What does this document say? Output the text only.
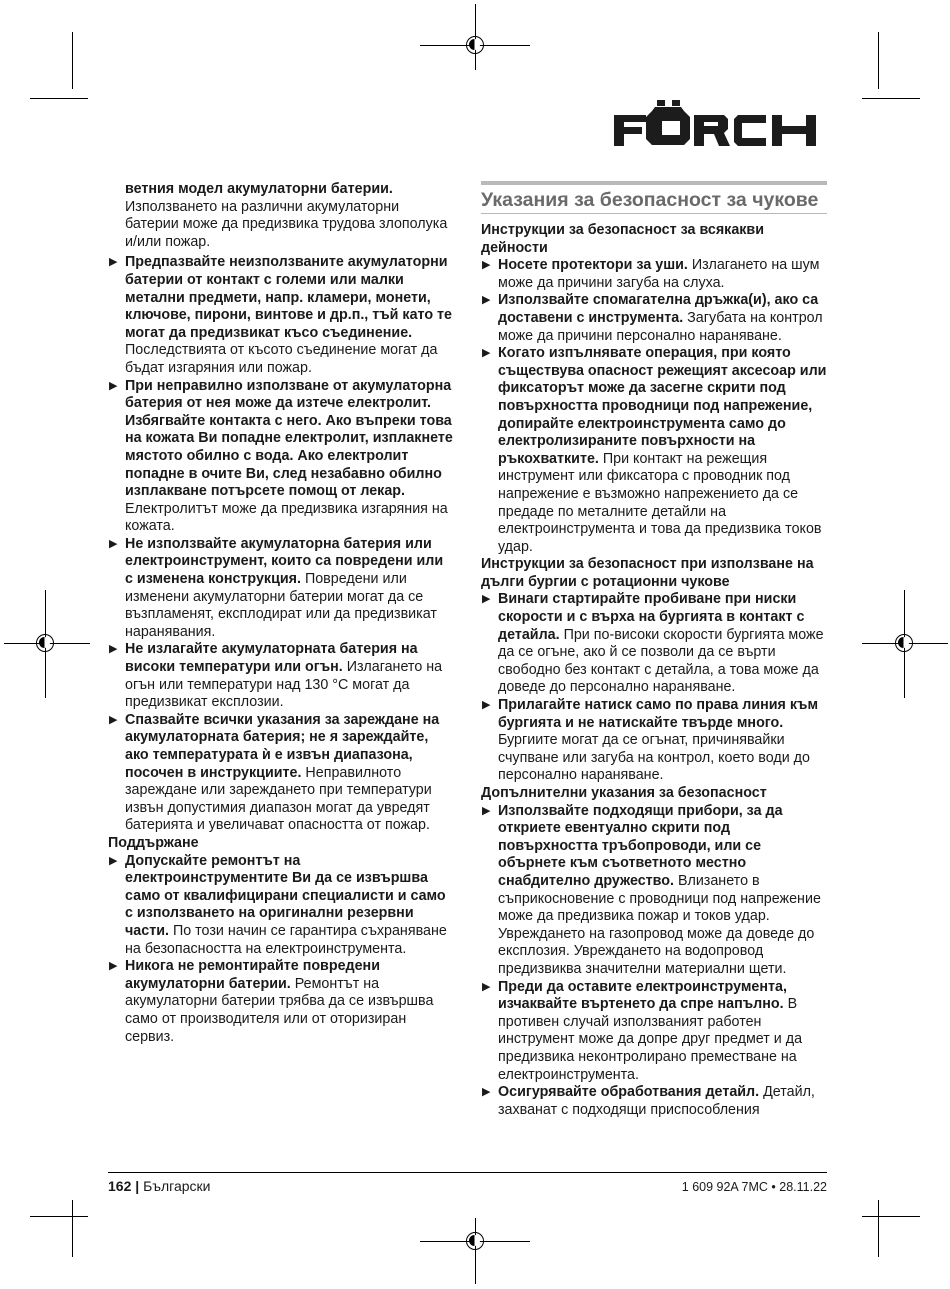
ветния модел акумулаторни батерии. Използването на различни акумулаторни батерии може да предизвика трудова злополука и/или пожар.

▶ Предпазвайте неизползваните акумулаторни батерии от контакт с големи или малки метални предмети, напр. кламери, монети, ключове, пирони, винтове и др.п., тъй като те могат да предизвикат късо съединение. Последствията от късото съединение могат да бъдат изгаряния или пожар.

▶ При неправилно използване от акумулаторна батерия от нея може да изтече електролит. Избягвайте контакта с него. Ако въпреки това на кожата Ви попадне електролит, изплакнете мястото обилно с вода. Ако електролит попадне в очите Ви, след незабавно обилно изплакване потърсете помощ от лекар. Електролитът може да предизвика изгаряния на кожата.

▶ Не използвайте акумулаторна батерия или електроинструмент, които са повредени или с изменена конструкция. Повредени или изменени акумулаторни батерии могат да се възпламенят, експлодират или да предизвикат наранявания.

▶ Не излагайте акумулаторната батерия на високи температури или огън. Излагането на огън или температури над 130 °C могат да предизвикат експлозии.

▶ Спазвайте всички указания за зареждане на акумулаторната батерия; не я зареждайте, ако температурата ѝ е извън диапазона, посочен в инструкциите. Неправилното зареждане или зареждането при температури извън допустимия диапазон могат да увредят батерията и увеличават опасността от пожар.

Поддържане

▶ Допускайте ремонтът на електроинструментите Ви да се извършва само от квалифицирани специалисти и само с използването на оригинални резервни части. По този начин се гарантира съхраняване на безопасността на електроинструмента.

▶ Никога не ремонтирайте повредени акумулаторни батерии. Ремонтът на акумулаторни батерии трябва да се извършва само от производителя или от оторизиран сервиз.

Указания за безопасност за чукове

Инструкции за безопасност за всякакви дейности

▶ Носете протектори за уши. Излагането на шум може да причини загуба на слуха.

▶ Използвайте спомагателна дръжка(и), ако са доставени с инструмента. Загубата на контрол може да причини персонално нараняване.

▶ Когато изпълнявате операция, при която съществува опасност режещият аксесоар или фиксаторът може да засегне скрити под повърхността проводници под напрежение, допирайте електроинструмента само до електролизираните повърхности на ръкохватките. При контакт на режещия инструмент или фиксатора с проводник под напрежение е възможно напрежението да се предаде по металните детайли на електроинструмента и това да предизвика токов удар.

Инструкции за безопасност при използване на дълги бургии с ротационни чукове

▶ Винаги стартирайте пробиване при ниски скорости и с върха на бургията в контакт с детайла. При по-високи скорости бургията може да се огъне, ако й се позволи да се върти свободно без контакт с детайла, а това може да доведе до персонално нараняване.

▶ Прилагайте натиск само по права линия към бургията и не натискайте твърде много. Бургиите могат да се огънат, причинявайки счупване или загуба на контрол, което води до персонално нараняване.

Допълнителни указания за безопасност

▶ Използвайте подходящи прибори, за да откриете евентуално скрити под повърхността тръбопроводи, или се обърнете към съответното местно снабдително дружество. Влизането в съприкосновение с проводници под напрежение може да предизвика пожар и токов удар. Увреждането на газопровод може да доведе до експлозия. Увреждането на водопровод предизвиква значителни материални щети.

▶ Преди да оставите електроинструмента, изчаквайте въртенето да спре напълно. В противен случай използваният работен инструмент може да допре друг предмет и да предизвика неконтролирано преместване на електроинструмента.

▶ Осигурявайте обработвания детайл. Детайл, захванат с подходящи приспособления

162 | Български	1 609 92A 7MC • 28.11.22
